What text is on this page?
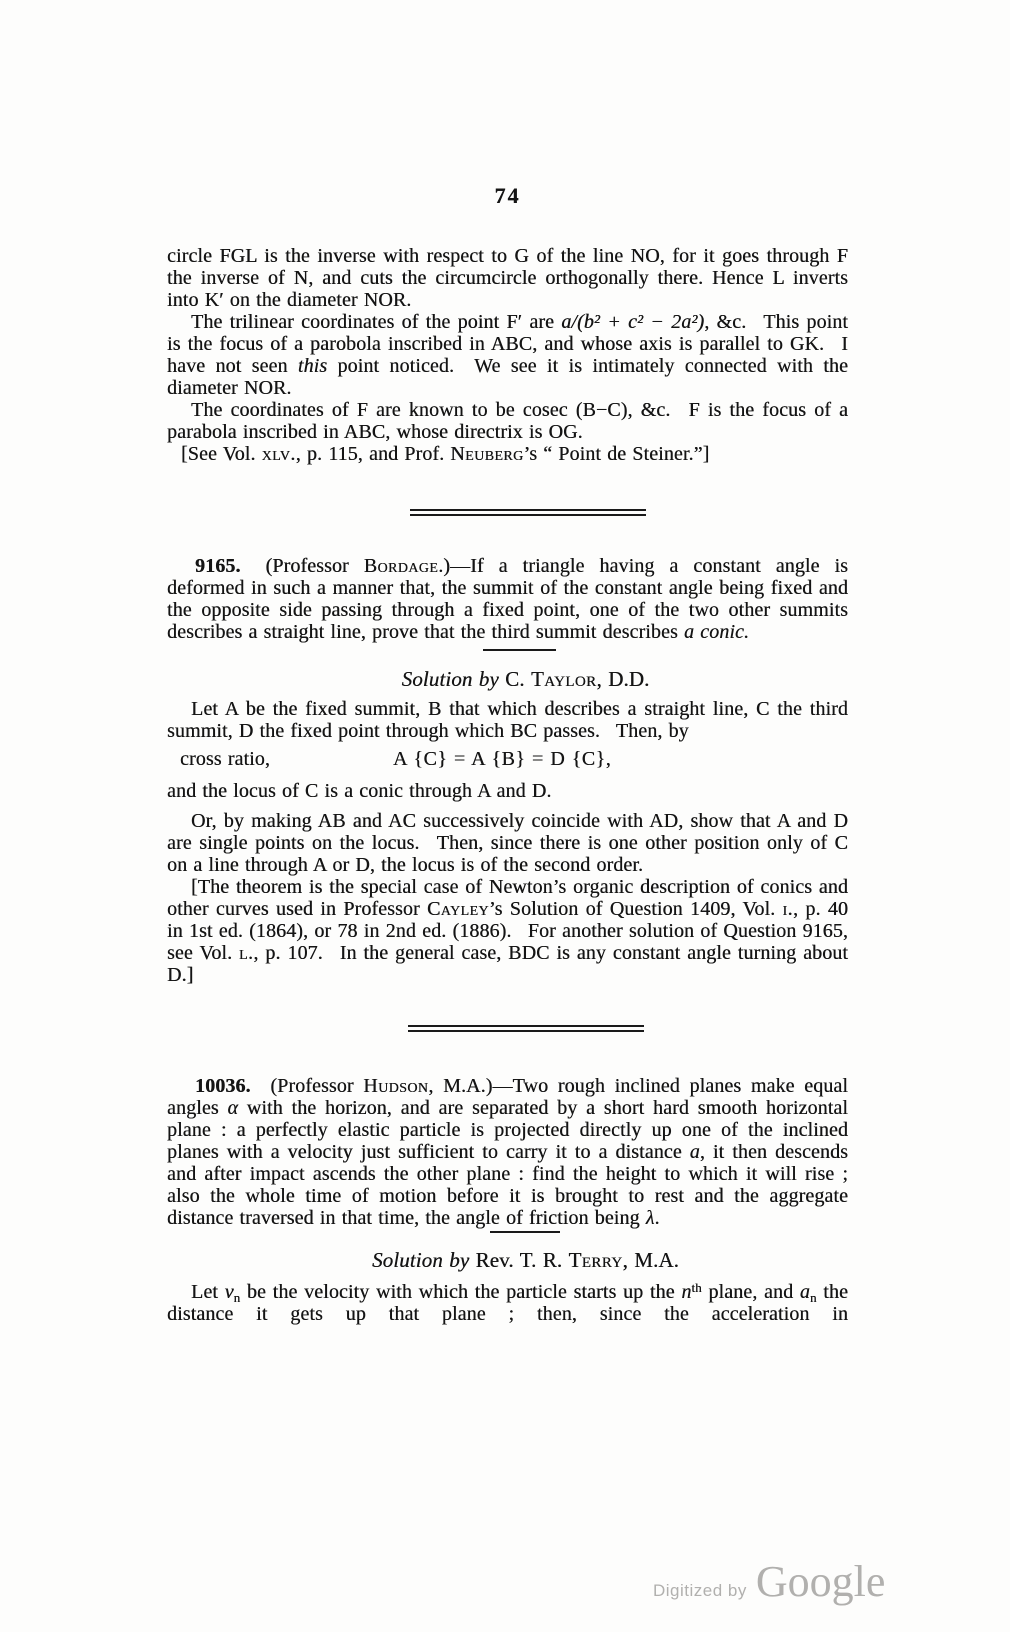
74

circle FGL is the inverse with respect to G of the line NO, for it goes through F the inverse of N, and cuts the circumcircle orthogonally there. Hence L inverts into K′ on the diameter NOR.

The trilinear coordinates of the point F′ are a/(b² + c² − 2a²), &c.  This point is the focus of a parobola inscribed in ABC, and whose axis is parallel to GK.  I have not seen this point noticed.  We see it is intimately connected with the diameter NOR.

The coordinates of F are known to be cosec (B−C), &c.  F is the focus of a parabola inscribed in ABC, whose directrix is OG.

[See Vol. xlv., p. 115, and Prof. Neuberg’s “ Point de Steiner.”]

9165.  (Professor Bordage.)—If a triangle having a constant angle is deformed in such a manner that, the summit of the constant angle being fixed and the opposite side passing through a fixed point, one of the two other summits describes a straight line, prove that the third summit describes a conic.

Solution by C. Taylor, D.D.

Let A be the fixed summit, B that which describes a straight line, C the third summit, D the fixed point through which BC passes.  Then, by

cross ratio,	A {C} = A {B} = D {C},

and the locus of C is a conic through A and D.

Or, by making AB and AC successively coincide with AD, show that A and D are single points on the locus.  Then, since there is one other position only of C on a line through A or D, the locus is of the second order.

[The theorem is the special case of Newton’s organic description of conics and other curves used in Professor Cayley’s Solution of Question 1409, Vol. i., p. 40 in 1st ed. (1864), or 78 in 2nd ed. (1886).  For another solution of Question 9165, see Vol. l., p. 107.  In the general case, BDC is any constant angle turning about D.]

10036.  (Professor Hudson, M.A.)—Two rough inclined planes make equal angles α with the horizon, and are separated by a short hard smooth horizontal plane : a perfectly elastic particle is projected directly up one of the inclined planes with a velocity just sufficient to carry it to a distance a, it then descends and after impact ascends the other plane : find the height to which it will rise ; also the whole time of motion before it is brought to rest and the aggregate distance traversed in that time, the angle of friction being λ.

Solution by Rev. T. R. Terry, M.A.

Let $v_n$ be the velocity with which the particle starts up the $n^{th}$ plane, and $a_n$ the distance it gets up that plane ; then, since the acceleration in

Digitized by Google
